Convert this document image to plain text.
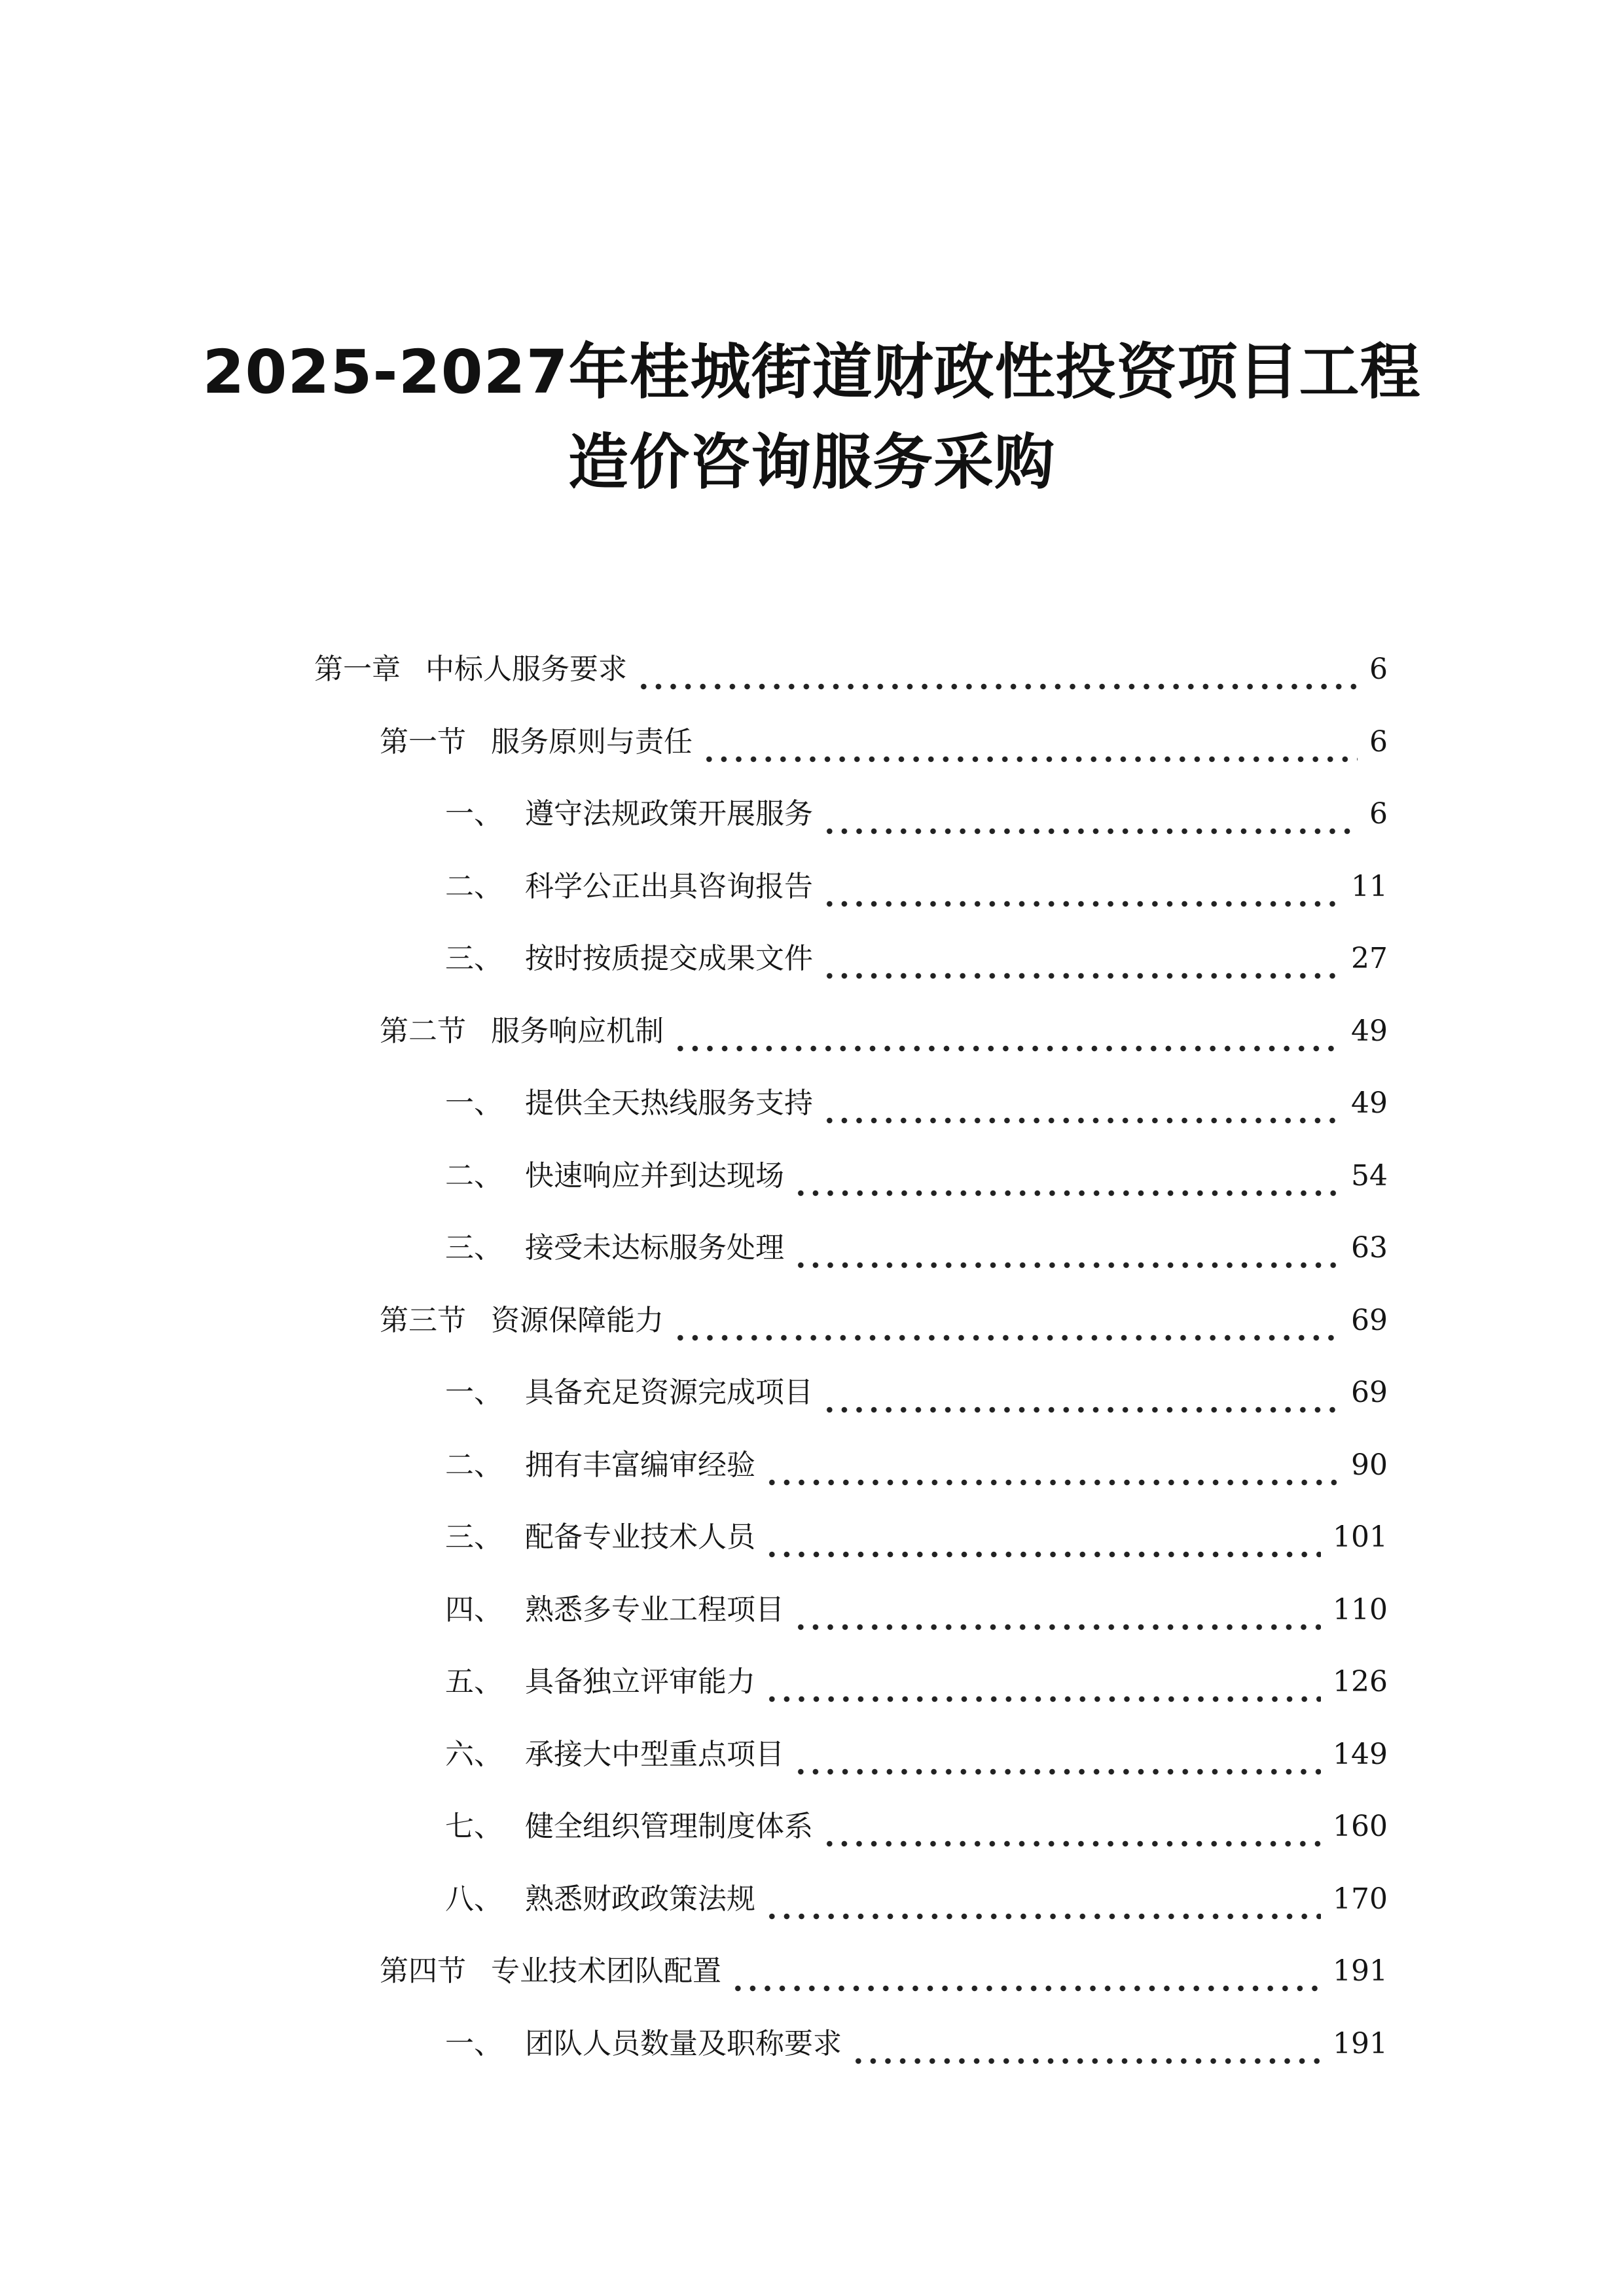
2025-2027年桂城街道财政性投资项目工程
造价咨询服务采购
第一章 中标人服务要求	6
第一节 服务原则与责任	6
一、 遵守法规政策开展服务	6
二、 科学公正出具咨询报告	11
三、 按时按质提交成果文件	27
第二节 服务响应机制	49
一、 提供全天热线服务支持	49
二、 快速响应并到达现场	54
三、 接受未达标服务处理	63
第三节 资源保障能力	69
一、 具备充足资源完成项目	69
二、 拥有丰富编审经验	90
三、 配备专业技术人员	101
四、 熟悉多专业工程项目	110
五、 具备独立评审能力	126
六、 承接大中型重点项目	149
七、 健全组织管理制度体系	160
八、 熟悉财政政策法规	170
第四节 专业技术团队配置	191
一、 团队人员数量及职称要求	191
